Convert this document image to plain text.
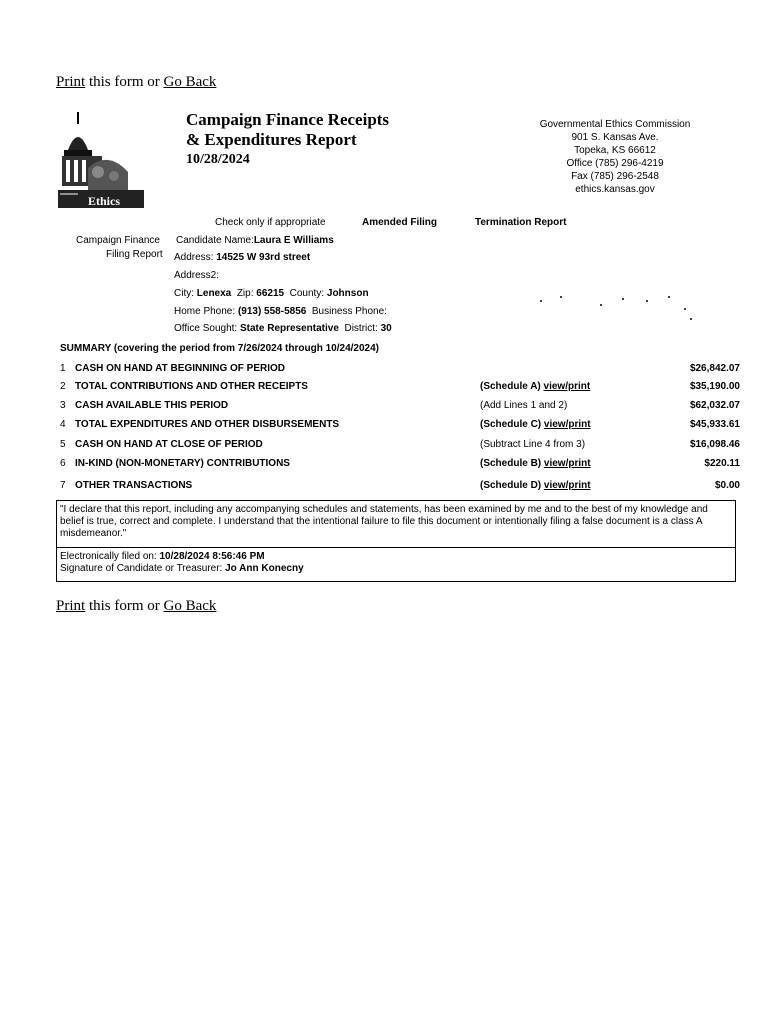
Print this form or Go Back
Ethics
Campaign Finance Receipts
& Expenditures Report
10/28/2024
Governmental Ethics Commission
901 S. Kansas Ave.
Topeka, KS 66612
Office (785) 296-4219
Fax (785) 296-2548
ethics.kansas.gov
Check only if appropriate	Amended Filing	Termination Report
Campaign Finance
Filing Report
Candidate Name:Laura E Williams
Address: 14525 W 93rd street
Address2:
City: Lenexa Zip: 66215 County: Johnson
Home Phone: (913) 558-5856 Business Phone:
Office Sought: State Representative District: 30
SUMMARY (covering the period from 7/26/2024 through 10/24/2024)
1 CASH ON HAND AT BEGINNING OF PERIOD	$26,842.07
2 TOTAL CONTRIBUTIONS AND OTHER RECEIPTS	(Schedule A) view/print	$35,190.00
3 CASH AVAILABLE THIS PERIOD	(Add Lines 1 and 2)	$62,032.07
4 TOTAL EXPENDITURES AND OTHER DISBURSEMENTS	(Schedule C) view/print	$45,933.61
5 CASH ON HAND AT CLOSE OF PERIOD	(Subtract Line 4 from 3)	$16,098.46
6 IN-KIND (NON-MONETARY) CONTRIBUTIONS	(Schedule B) view/print	$220.11
7 OTHER TRANSACTIONS	(Schedule D) view/print	$0.00
"I declare that this report, including any accompanying schedules and statements, has been examined by me and to the best of my knowledge and belief is true, correct and complete. I understand that the intentional failure to file this document or intentionally filing a false document is a class A misdemeanor."
Electronically filed on: 10/28/2024 8:56:46 PM
Signature of Candidate or Treasurer: Jo Ann Konecny
Print this form or Go Back
